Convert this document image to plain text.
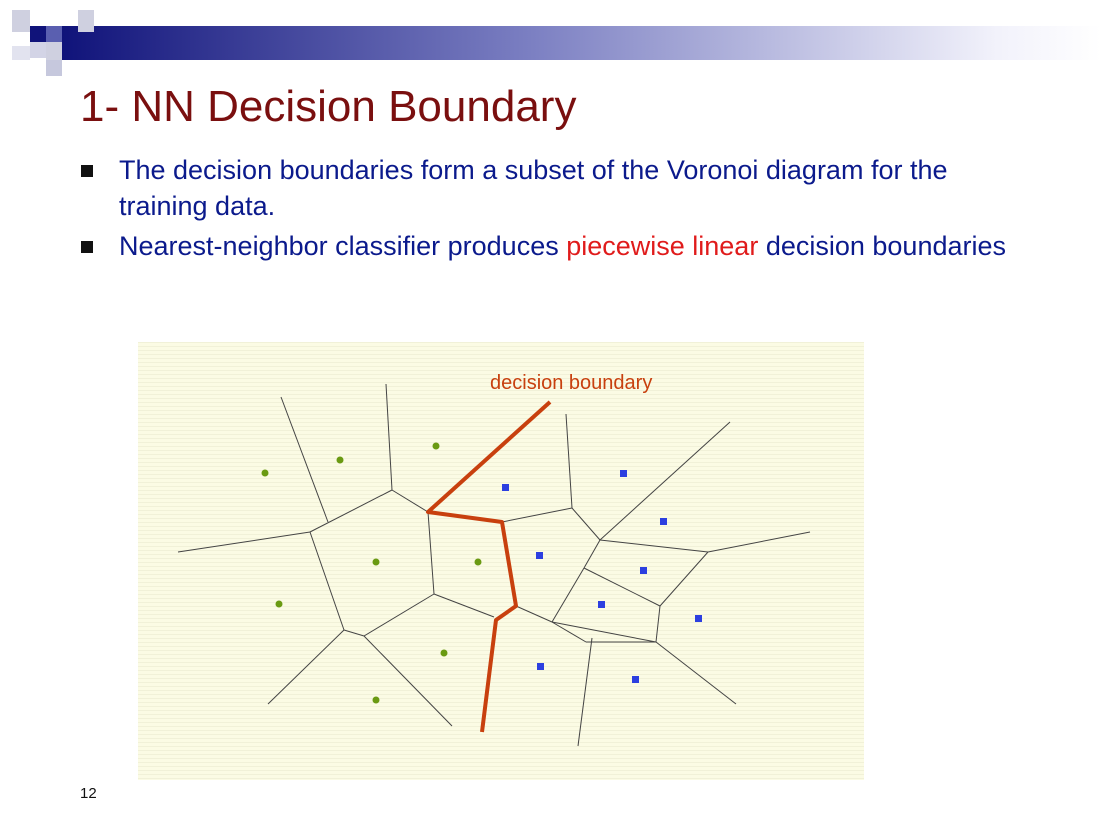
1- NN Decision Boundary
The decision boundaries form a subset of the Voronoi diagram for the training data.
Nearest-neighbor classifier produces piecewise linear decision boundaries
decision boundary
12
